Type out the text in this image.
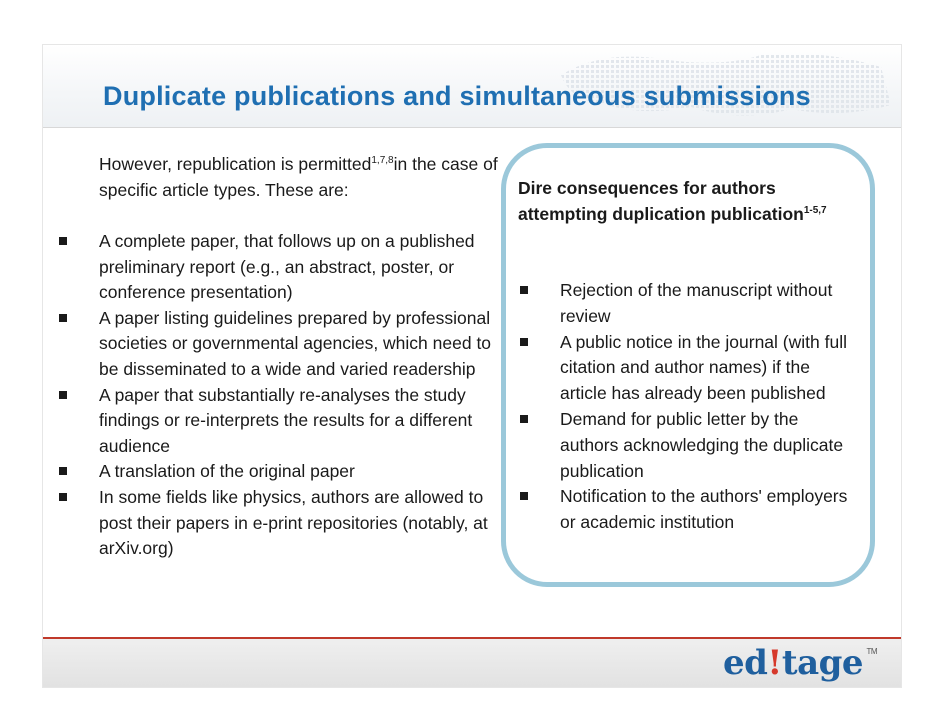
Duplicate publications and simultaneous submissions
However, republication is permitted$^{1,7,8}$in the case of specific article types. These are:
A complete paper, that follows up on a published preliminary report (e.g., an abstract, poster, or conference presentation)
A paper listing guidelines prepared by professional societies or governmental agencies, which need to be disseminated to a wide and varied readership
A paper that substantially re-analyses the study findings or re-interprets the results for a different audience
A translation of the original paper
In some fields like physics, authors are allowed to post their papers in e-print repositories (notably, at arXiv.org)

Dire consequences for authors attempting duplication publication$^{1-5,7}$

Rejection of the manuscript without review
A public notice in the journal (with full citation and author names) if the article has already been published
Demand for public letter by the authors acknowledging the duplicate publication
Notification to the authors' employers or academic institution
ed!tage TM
